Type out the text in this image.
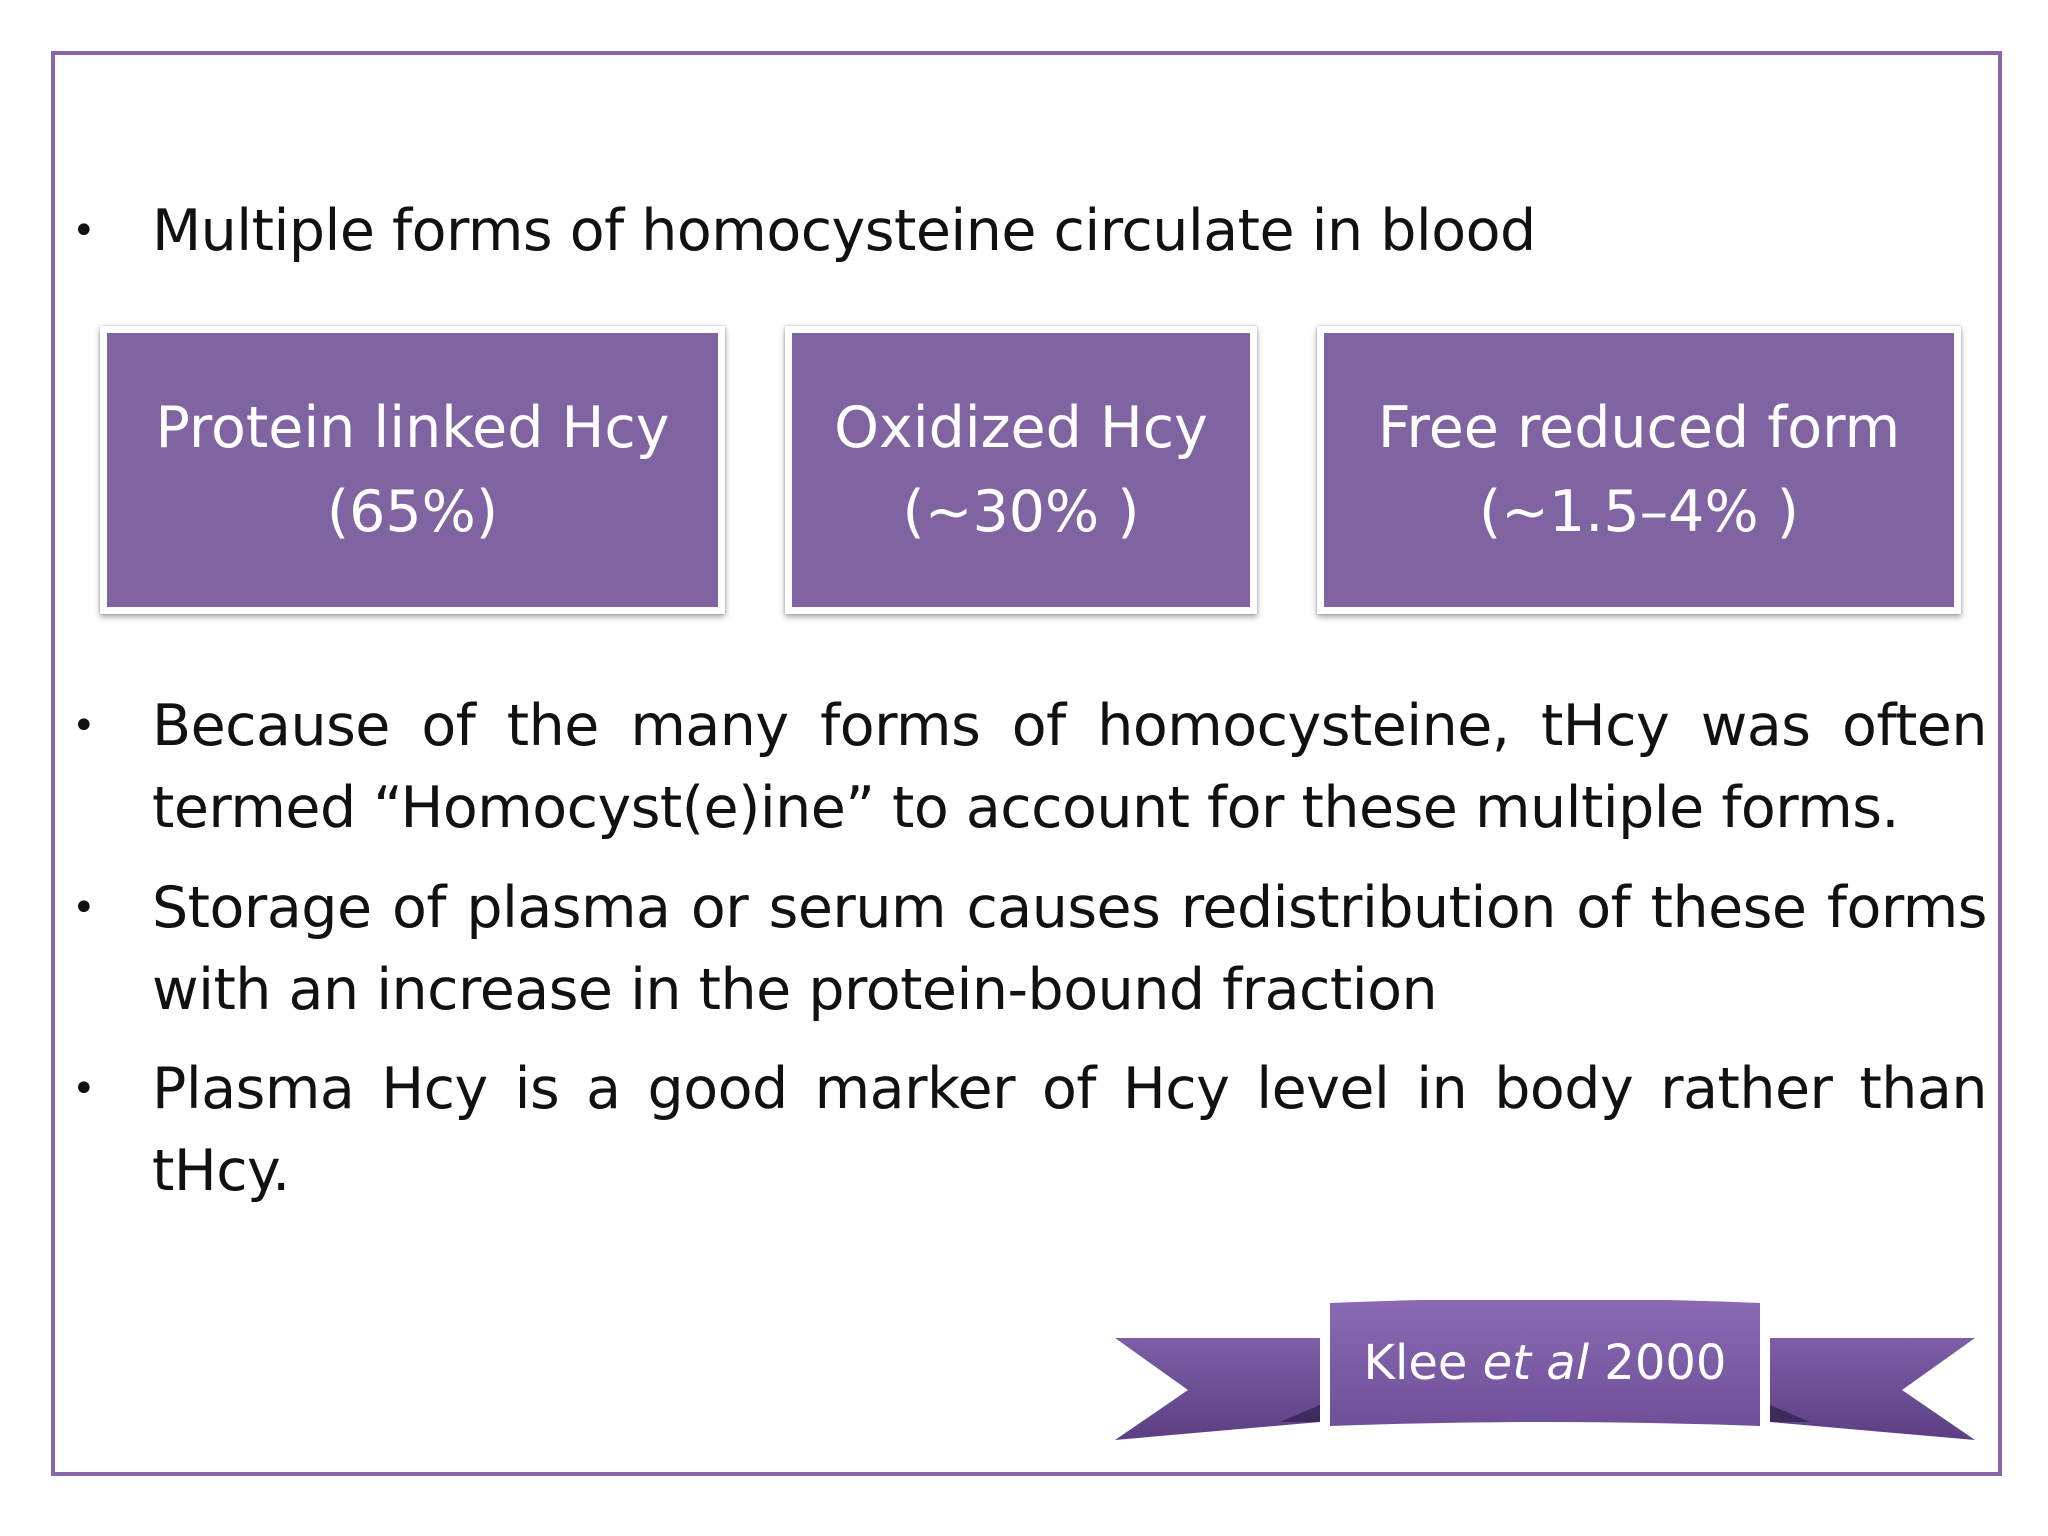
• Multiple forms of homocysteine circulate in blood
Protein linked Hcy
(65%)
Oxidized Hcy
(~30% )
Free reduced form
(~1.5–4% )
• Because of the many forms of homocysteine, tHcy was often termed “Homocyst(e)ine” to account for these multiple forms.
• Storage of plasma or serum causes redistribution of these forms with an increase in the protein-bound fraction
• Plasma Hcy is a good marker of Hcy level in body rather than tHcy.
Klee
et al
2000
